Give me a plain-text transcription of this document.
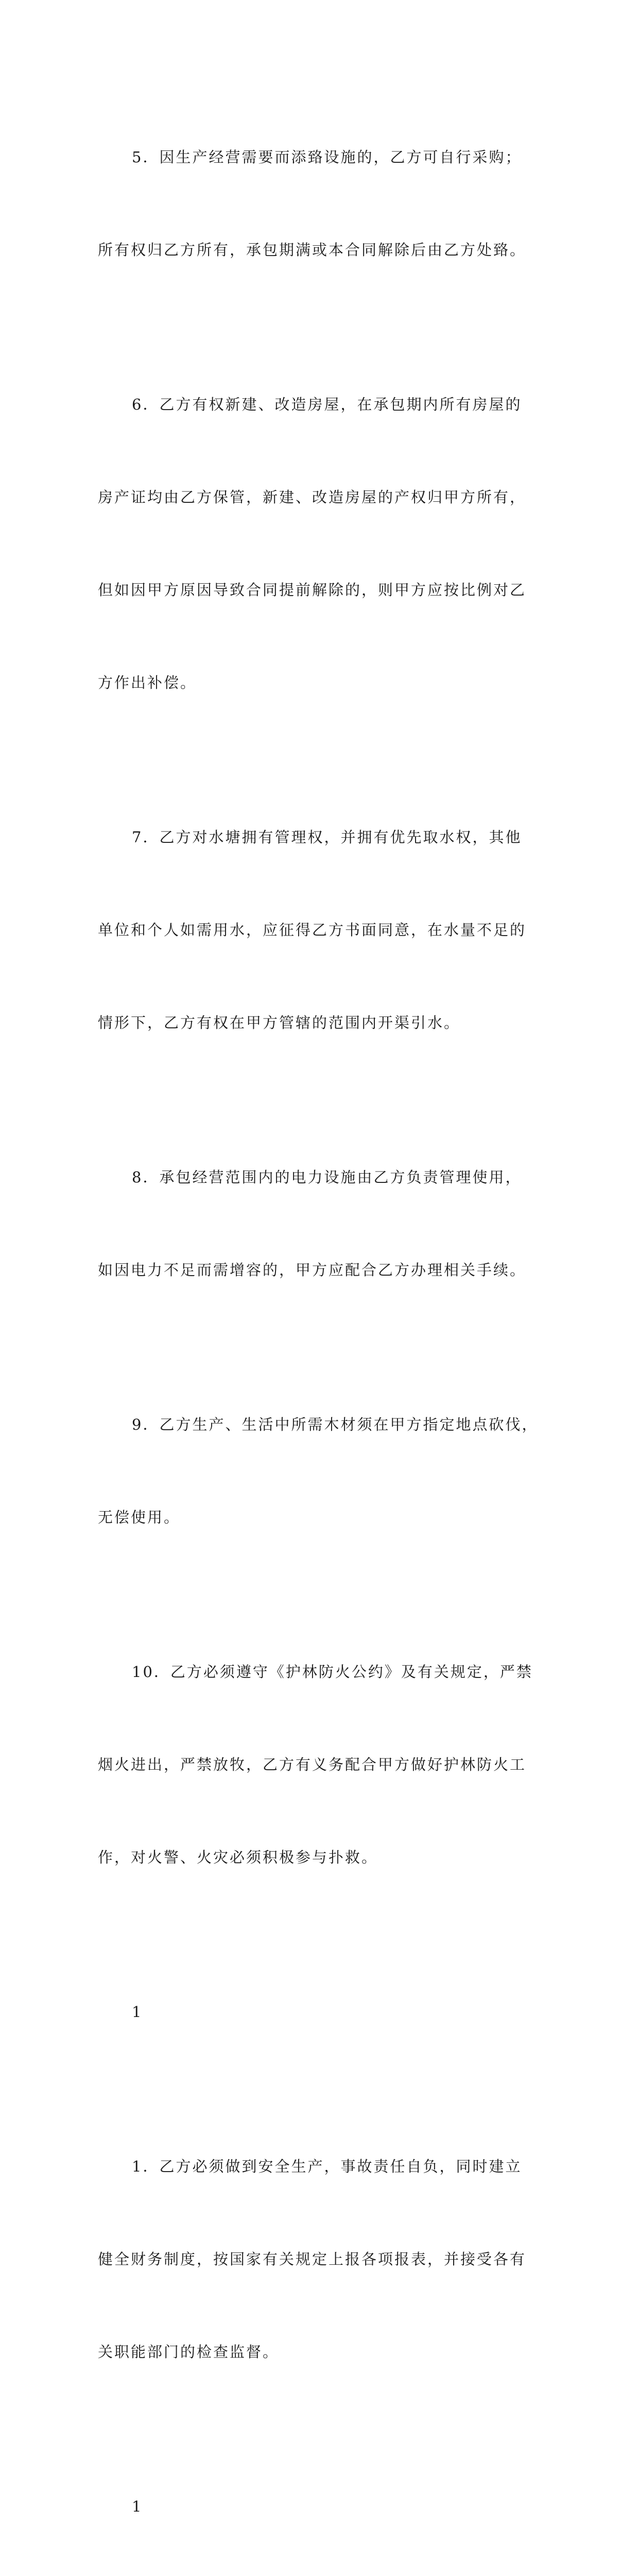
5．因生产经营需要而添臵设施的，乙方可自行采购；

所有权归乙方所有，承包期满或本合同解除后由乙方处臵。

6．乙方有权新建、改造房屋，在承包期内所有房屋的

房产证均由乙方保管，新建、改造房屋的产权归甲方所有，

但如因甲方原因导致合同提前解除的，则甲方应按比例对乙

方作出补偿。

7．乙方对水塘拥有管理权，并拥有优先取水权，其他

单位和个人如需用水，应征得乙方书面同意，在水量不足的

情形下，乙方有权在甲方管辖的范围内开渠引水。

8．承包经营范围内的电力设施由乙方负责管理使用，

如因电力不足而需增容的，甲方应配合乙方办理相关手续。

9．乙方生产、生活中所需木材须在甲方指定地点砍伐，

无偿使用。

10．乙方必须遵守《护林防火公约》及有关规定，严禁

烟火进出，严禁放牧，乙方有义务配合甲方做好护林防火工

作，对火警、火灾必须积极参与扑救。

1

1．乙方必须做到安全生产，事故责任自负，同时建立

健全财务制度，按国家有关规定上报各项报表，并接受各有

关职能部门的检查监督。

1
